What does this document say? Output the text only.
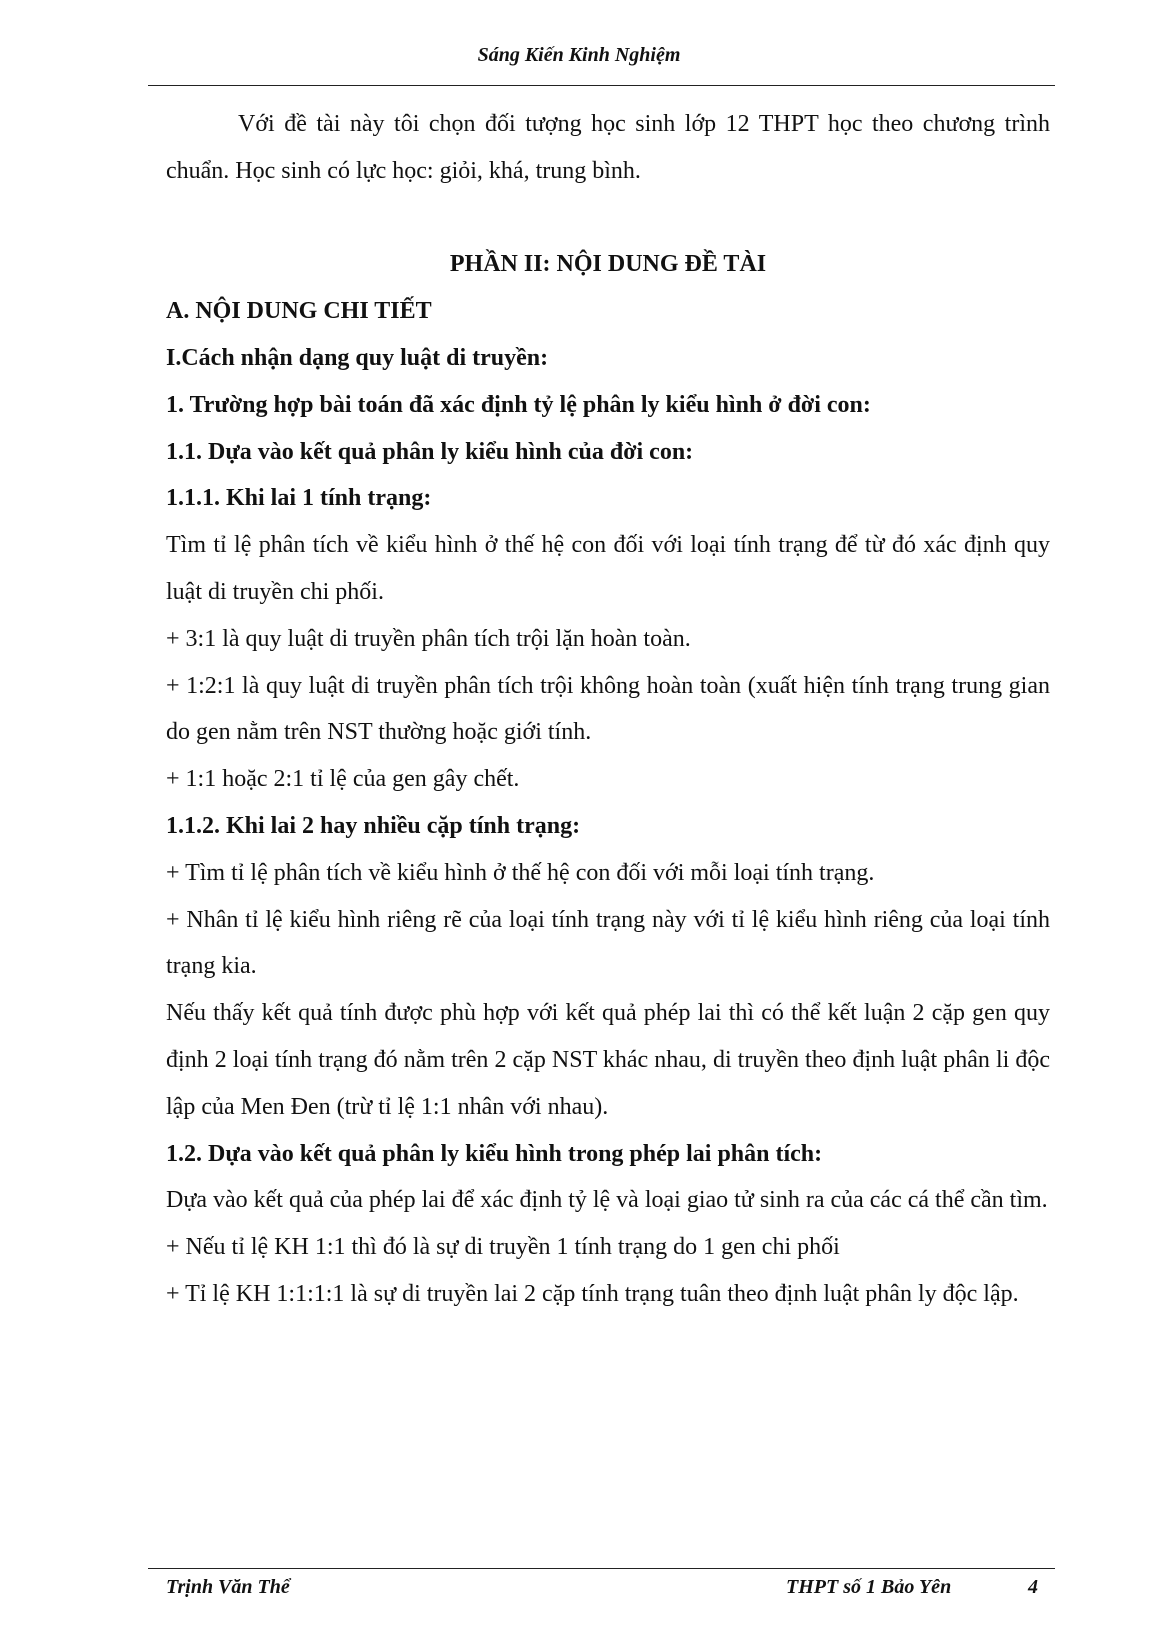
Sáng Kiến Kinh Nghiệm

Với đề tài này tôi chọn đối tượng học sinh lớp 12 THPT học theo chương trình chuẩn. Học sinh có lực học: giỏi, khá, trung bình.

PHẦN II: NỘI DUNG ĐỀ TÀI

A. NỘI DUNG CHI TIẾT

I.Cách nhận dạng quy luật di truyền:

1. Trường hợp bài toán đã xác định tỷ lệ phân ly kiểu hình ở đời con:

1.1. Dựa vào kết quả phân ly kiểu hình của đời con:

1.1.1. Khi lai 1 tính trạng:

Tìm tỉ lệ phân tích về kiểu hình ở thế hệ con đối với loại tính trạng để từ đó xác định quy luật di truyền chi phối.

+ 3:1 là quy luật di truyền phân tích trội lặn hoàn toàn.

+ 1:2:1 là quy luật di truyền phân tích trội không hoàn toàn (xuất hiện tính trạng trung gian do gen nằm trên NST thường hoặc giới tính.

+ 1:1 hoặc 2:1 tỉ lệ của gen gây chết.

1.1.2. Khi lai 2 hay nhiều cặp tính trạng:

+ Tìm tỉ lệ phân tích về kiểu hình ở thế hệ con đối với mỗi loại tính trạng.

+ Nhân tỉ lệ kiểu hình riêng rẽ của loại tính trạng này với tỉ lệ kiểu hình riêng của loại tính trạng kia.

Nếu thấy kết quả tính được phù hợp với kết quả phép lai thì có thể kết luận 2 cặp gen quy định 2 loại tính trạng đó nằm trên 2 cặp NST khác nhau, di truyền theo định luật phân li độc lập của Men Đen (trừ tỉ lệ 1:1 nhân với nhau).

1.2. Dựa vào kết quả phân ly kiểu hình trong phép lai phân tích:

Dựa vào kết quả của phép lai để xác định tỷ lệ và loại giao tử sinh ra của các cá thể cần tìm.

+ Nếu tỉ lệ KH 1:1 thì đó là sự di truyền 1 tính trạng do 1 gen chi phối

+ Tỉ lệ KH 1:1:1:1 là sự di truyền lai 2 cặp tính trạng tuân theo định luật phân ly độc lập.

Trịnh Văn Thể	THPT số 1 Bảo Yên	4
